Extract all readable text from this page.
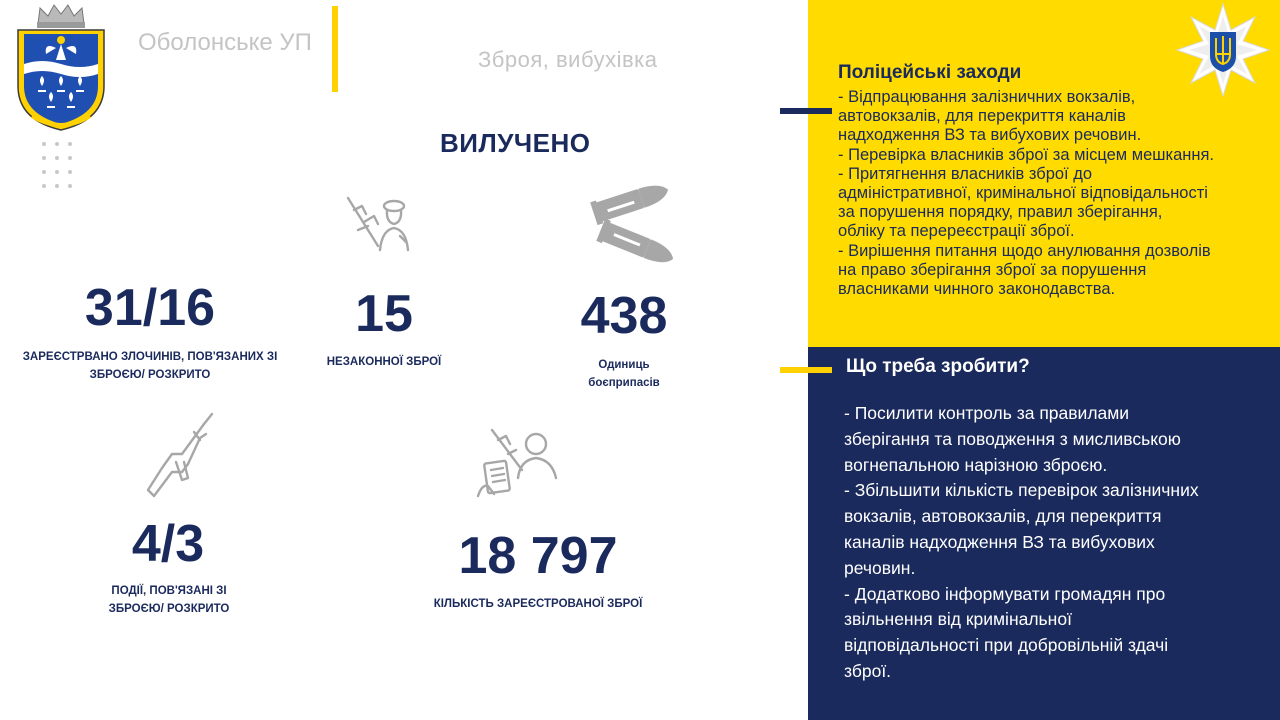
Оболонське УП
Зброя, вибухівка
ВИЛУЧЕНО
31/16
ЗАРЕЄСТРВАНО ЗЛОЧИНІВ, ПОВ'ЯЗАНИХ ЗІ ЗБРОЄЮ/ РОЗКРИТО
15
НЕЗАКОННОЇ ЗБРОЇ
438
Одиниць
боєприпасів
4/3
ПОДІЇ, ПОВ'ЯЗАНІ ЗІ
ЗБРОЄЮ/ РОЗКРИТО
18 797
КІЛЬКІСТЬ ЗАРЕЄСТРОВАНОЇ ЗБРОЇ
Поліцейські заходи
- Відпрацювання залізничних вокзалів,
автовокзалів, для перекриття каналів
надходження ВЗ та вибухових речовин.
- Перевірка власників зброї за місцем мешкання.
- Притягнення власників зброї до
адміністративної, кримінальної відповідальності
за порушення порядку, правил зберігання,
обліку та перереєстрації зброї.
- Вирішення питання щодо анулювання дозволів
на право зберігання зброї за порушення
власниками чинного законодавства.
Що треба зробити?
- Посилити контроль за правилами
зберігання та поводження з мисливською
вогнепальною нарізною зброєю.
- Збільшити кількість перевірок залізничних
вокзалів, автовокзалів, для перекриття
каналів надходження ВЗ та вибухових
речовин.
- Додатково інформувати громадян про
звільнення від кримінальної
відповідальності при добровільній здачі
зброї.
